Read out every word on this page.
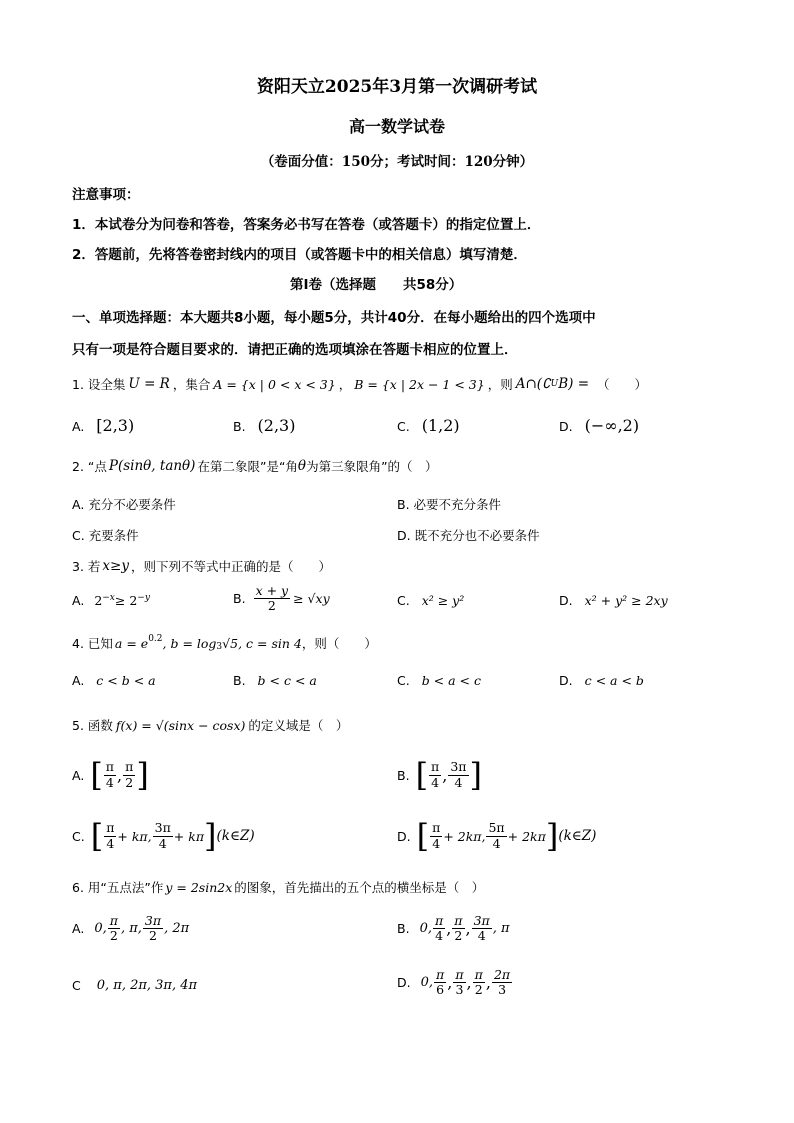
资阳天立2025年3月第一次调研考试
高一数学试卷
（卷面分值：150分；考试时间：120分钟）
注意事项：
1．本试卷分为问卷和答卷，答案务必书写在答卷（或答题卡）的指定位置上．
2．答题前，先将答卷密封线内的项目（或答题卡中的相关信息）填写清楚．
第Ⅰ卷（选择题　　共58分）
一、单项选择题：本大题共8小题，每小题5分，共计40分．在每小题给出的四个选项中
只有一项是符合题目要求的．请把正确的选项填涂在答题卡相应的位置上．
1. 设全集 U = R ，集合 A = {x | 0 < x < 3} ， B = {x | 2x − 1 < 3} ，则 A∩(∁ U B) = （　　）
A. [2,3)	B. (2,3)	C. (1,2)	D. (−∞,2)
2. “点 P(sinθ, tanθ) 在第二象限”是“角 θ 为第三象限角”的（　）
A. 充分不必要条件	B. 必要不充分条件
C. 充要条件	D. 既不充分也不必要条件
3. 若 x≥y ，则下列不等式中正确的是（　　）
A. 2 −x ≥ 2 −y	B. $\frac{x + y}{2} \ge √xy$	C. x² ≥ y²	D. x² + y² ≥ 2xy
4. 已知 $a = e^{0.2}$ , $b = \log_3 √5$, c = sin 4 ，则（　　）
A. c < b < a	B. b < c < a	C. b < a < c	D. c < a < b
5. 函数 f(x) = √(sinx − cosx) 的定义域是（　）
A. [ $\frac{\pi}{4}$ , $\frac{\pi}{2}$ ]	B. [ $\frac{\pi}{4}$ , $\frac{3\pi}{4}$ ]
C. [ $\frac{\pi}{4} + k\pi$, $\frac{3\pi}{4} + k\pi$ ] (k∈Z)	D. [ $\frac{\pi}{4} + 2k\pi$, $\frac{5\pi}{4} + 2k\pi$ ] (k∈Z)
6. 用“五点法”作 y = 2sin2x 的图象，首先描出的五个点的横坐标是（　）
A. 0, $\frac{\pi}{2}$ , π, $\frac{3\pi}{2}$ , 2π	B. 0, $\frac{\pi}{4}$ , $\frac{\pi}{2}$ , $\frac{3\pi}{4}$ , π
C 0, π, 2π, 3π, 4π	D. 0, $\frac{\pi}{6}$ , $\frac{\pi}{3}$ , $\frac{\pi}{2}$ , $\frac{2\pi}{3}$
